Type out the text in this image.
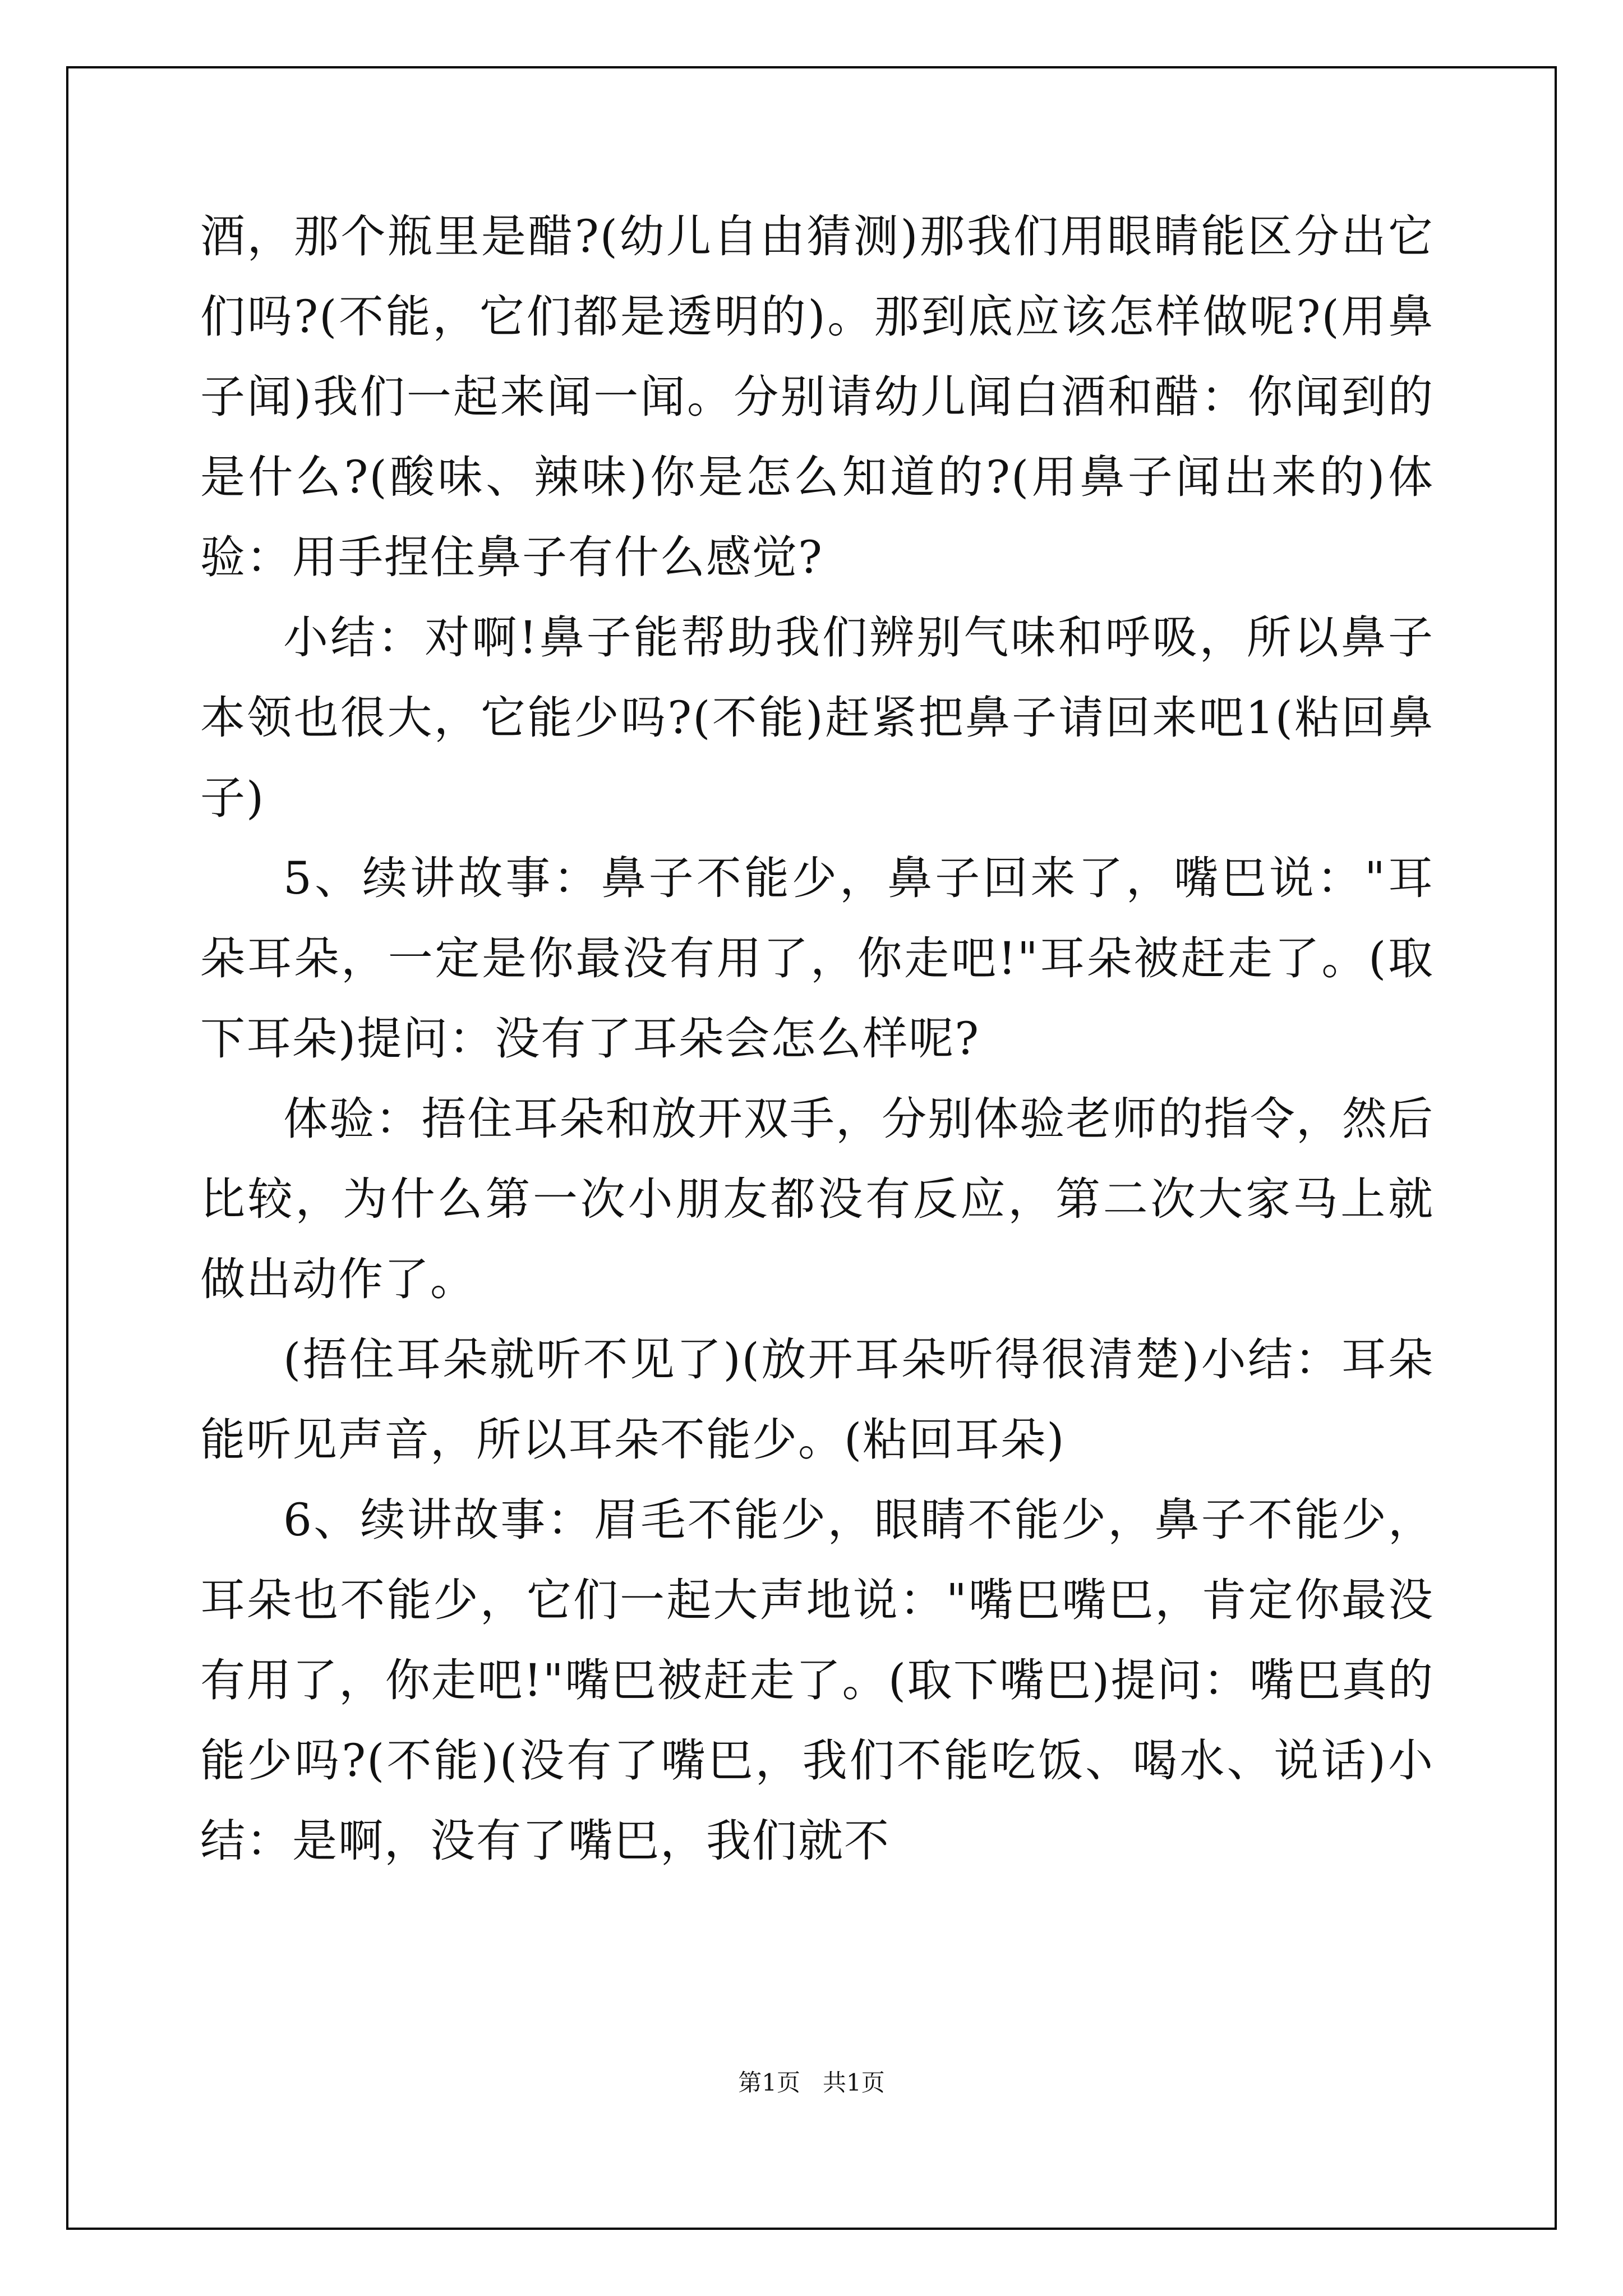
酒，那个瓶里是醋?(幼儿自由猜测)那我们用眼睛能区分出它们吗?(不能，它们都是透明的)。那到底应该怎样做呢?(用鼻子闻)我们一起来闻一闻。分别请幼儿闻白酒和醋：你闻到的是什么?(酸味、辣味)你是怎么知道的?(用鼻子闻出来的)体验：用手捏住鼻子有什么感觉?

小结：对啊!鼻子能帮助我们辨别气味和呼吸，所以鼻子本领也很大，它能少吗?(不能)赶紧把鼻子请回来吧1(粘回鼻子)

5、续讲故事：鼻子不能少，鼻子回来了，嘴巴说："耳朵耳朵，一定是你最没有用了，你走吧!"耳朵被赶走了。(取下耳朵)提问：没有了耳朵会怎么样呢?

体验：捂住耳朵和放开双手，分别体验老师的指令，然后比较，为什么第一次小朋友都没有反应，第二次大家马上就做出动作了。

(捂住耳朵就听不见了)(放开耳朵听得很清楚)小结：耳朵能听见声音，所以耳朵不能少。(粘回耳朵)

6、续讲故事：眉毛不能少，眼睛不能少，鼻子不能少，耳朵也不能少，它们一起大声地说："嘴巴嘴巴，肯定你最没有用了，你走吧!"嘴巴被赶走了。(取下嘴巴)提问：嘴巴真的能少吗?(不能)(没有了嘴巴，我们不能吃饭、喝水、说话)小结：是啊，没有了嘴巴，我们就不

第1页   共1页
